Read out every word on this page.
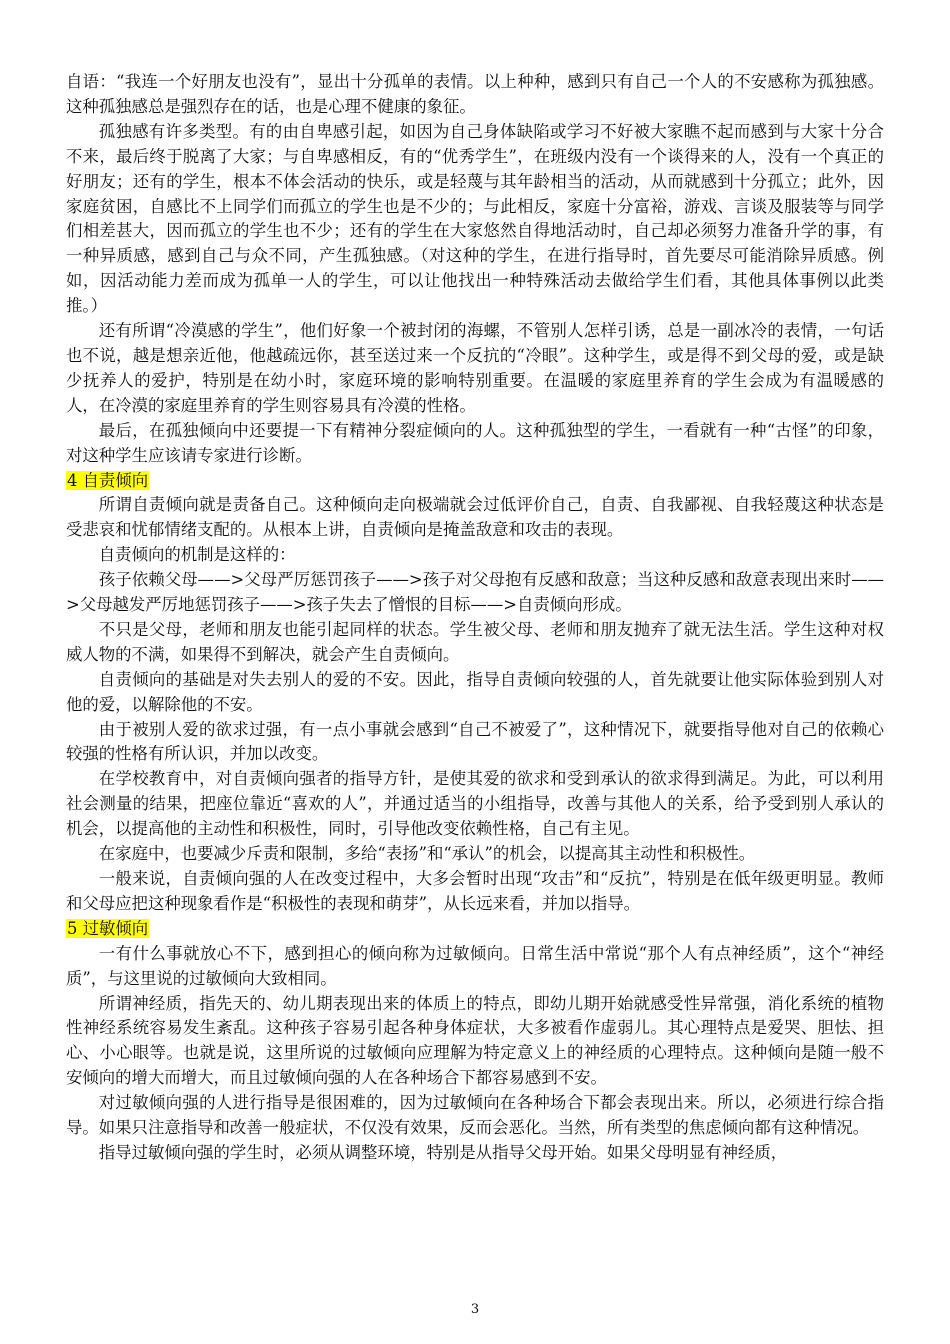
自语：“我连一个好朋友也没有”，显出十分孤单的表情。以上种种，感到只有自己一个人的不安感称为孤独感。这种孤独感总是强烈存在的话，也是心理不健康的象征。

孤独感有许多类型。有的由自卑感引起，如因为自己身体缺陷或学习不好被大家瞧不起而感到与大家十分合不来，最后终于脱离了大家；与自卑感相反，有的“优秀学生”，在班级内没有一个谈得来的人，没有一个真正的好朋友；还有的学生，根本不体会活动的快乐，或是轻蔑与其年龄相当的活动，从而就感到十分孤立；此外，因家庭贫困，自感比不上同学们而孤立的学生也是不少的；与此相反，家庭十分富裕，游戏、言谈及服装等与同学们相差甚大，因而孤立的学生也不少；还有的学生在大家悠然自得地活动时，自己却必须努力准备升学的事，有一种异质感，感到自己与众不同，产生孤独感。（对这种的学生，在进行指导时，首先要尽可能消除异质感。例如，因活动能力差而成为孤单一人的学生，可以让他找出一种特殊活动去做给学生们看，其他具体事例以此类推。）

还有所谓“冷漠感的学生”，他们好象一个被封闭的海螺，不管别人怎样引诱，总是一副冰冷的表情，一句话也不说，越是想亲近他，他越疏远你，甚至送过来一个反抗的“冷眼”。这种学生，或是得不到父母的爱，或是缺少抚养人的爱护，特别是在幼小时，家庭环境的影响特别重要。在温暖的家庭里养育的学生会成为有温暖感的人，在冷漠的家庭里养育的学生则容易具有冷漠的性格。

最后，在孤独倾向中还要提一下有精神分裂症倾向的人。这种孤独型的学生，一看就有一种“古怪”的印象，对这种学生应该请专家进行诊断。

4 自责倾向

所谓自责倾向就是责备自己。这种倾向走向极端就会过低评价自己，自责、自我鄙视、自我轻蔑这种状态是受悲哀和忧郁情绪支配的。从根本上讲，自责倾向是掩盖敌意和攻击的表现。

自责倾向的机制是这样的：

孩子依赖父母——>父母严厉惩罚孩子——>孩子对父母抱有反感和敌意；当这种反感和敌意表现出来时——>父母越发严厉地惩罚孩子——>孩子失去了憎恨的目标——>自责倾向形成。

不只是父母，老师和朋友也能引起同样的状态。学生被父母、老师和朋友抛弃了就无法生活。学生这种对权威人物的不满，如果得不到解决，就会产生自责倾向。

自责倾向的基础是对失去别人的爱的不安。因此，指导自责倾向较强的人，首先就要让他实际体验到别人对他的爱，以解除他的不安。

由于被别人爱的欲求过强，有一点小事就会感到“自己不被爱了”，这种情况下，就要指导他对自己的依赖心较强的性格有所认识，并加以改变。

在学校教育中，对自责倾向强者的指导方针，是使其爱的欲求和受到承认的欲求得到满足。为此，可以利用社会测量的结果，把座位靠近“喜欢的人”，并通过适当的小组指导，改善与其他人的关系，给予受到别人承认的机会，以提高他的主动性和积极性，同时，引导他改变依赖性格，自己有主见。

在家庭中，也要减少斥责和限制，多给“表扬”和“承认”的机会，以提高其主动性和积极性。

一般来说，自责倾向强的人在改变过程中，大多会暂时出现“攻击”和“反抗”，特别是在低年级更明显。教师和父母应把这种现象看作是“积极性的表现和萌芽”，从长远来看，并加以指导。

5 过敏倾向

一有什么事就放心不下，感到担心的倾向称为过敏倾向。日常生活中常说“那个人有点神经质”，这个“神经质”，与这里说的过敏倾向大致相同。

所谓神经质，指先天的、幼儿期表现出来的体质上的特点，即幼儿期开始就感受性异常强，消化系统的植物性神经系统容易发生紊乱。这种孩子容易引起各种身体症状，大多被看作虚弱儿。其心理特点是爱哭、胆怯、担心、小心眼等。也就是说，这里所说的过敏倾向应理解为特定意义上的神经质的心理特点。这种倾向是随一般不安倾向的增大而增大，而且过敏倾向强的人在各种场合下都容易感到不安。

对过敏倾向强的人进行指导是很困难的，因为过敏倾向在各种场合下都会表现出来。所以，必须进行综合指导。如果只注意指导和改善一般症状，不仅没有效果，反而会恶化。当然，所有类型的焦虑倾向都有这种情况。

指导过敏倾向强的学生时，必须从调整环境，特别是从指导父母开始。如果父母明显有神经质，

3
